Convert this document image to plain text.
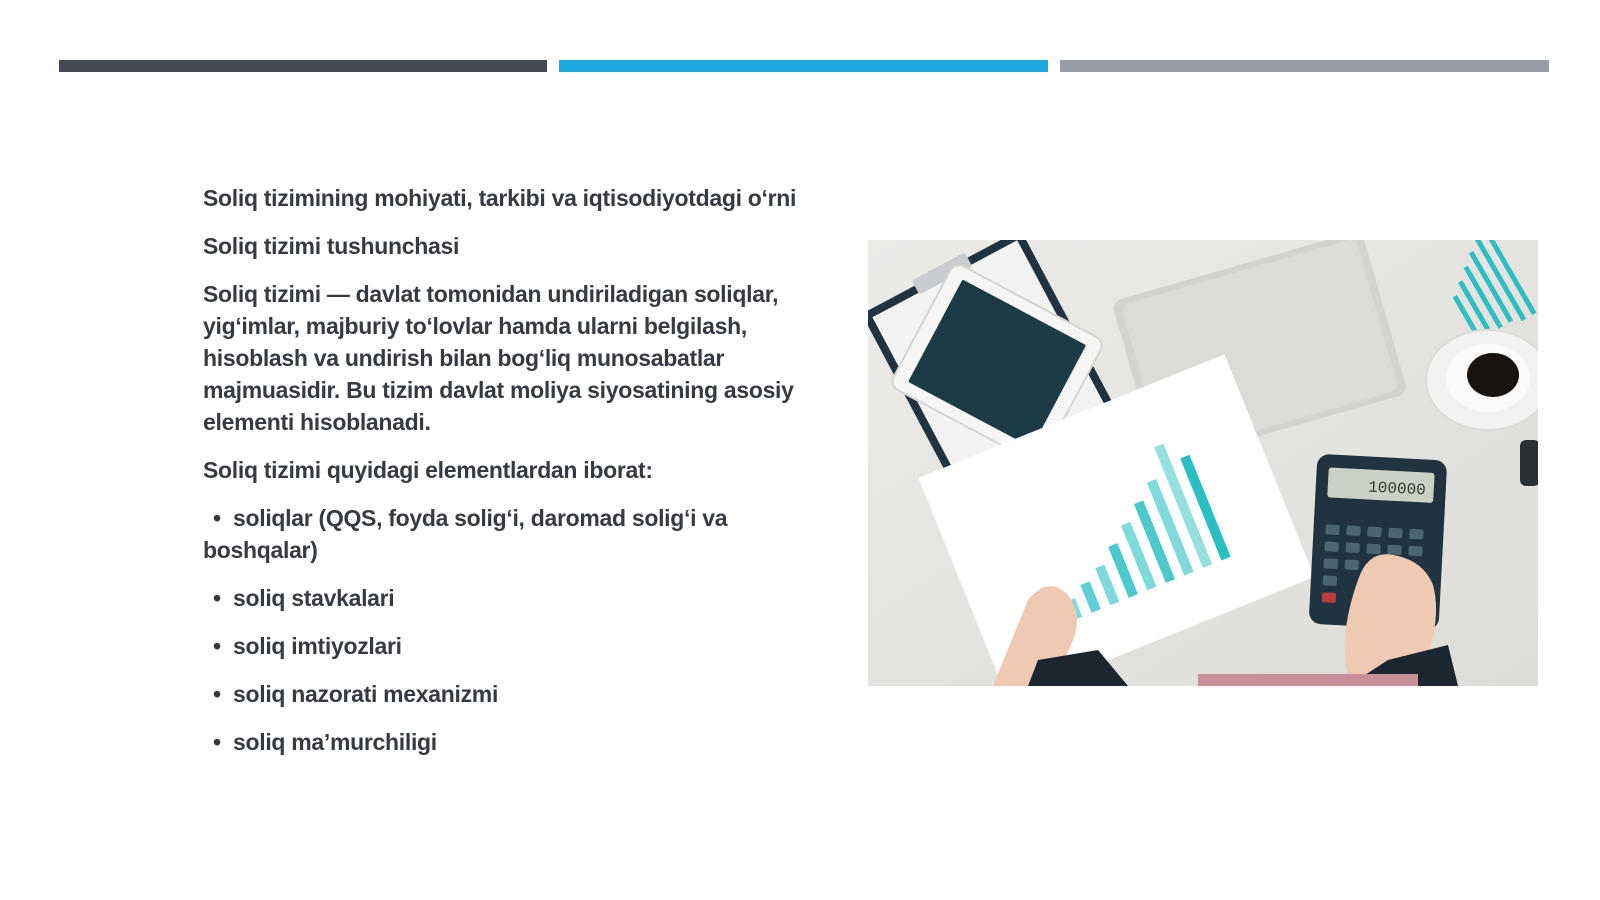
Soliq tizimining mohiyati, tarkibi va iqtisodiyotdagi o‘rni

Soliq tizimi tushunchasi

Soliq tizimi — davlat tomonidan undiriladigan soliqlar, yig‘imlar, majburiy to‘lovlar hamda ularni belgilash, hisoblash va undirish bilan bog‘liq munosabatlar majmuasidir. Bu tizim davlat moliya siyosatining asosiy elementi hisoblanadi.

Soliq tizimi quyidagi elementlardan iborat:

• soliqlar (QQS, foyda solig‘i, daromad solig‘i va boshqalar)
• soliq stavkalari
• soliq imtiyozlari
• soliq nazorati mexanizmi
• soliq ma’murchiligi
100000
